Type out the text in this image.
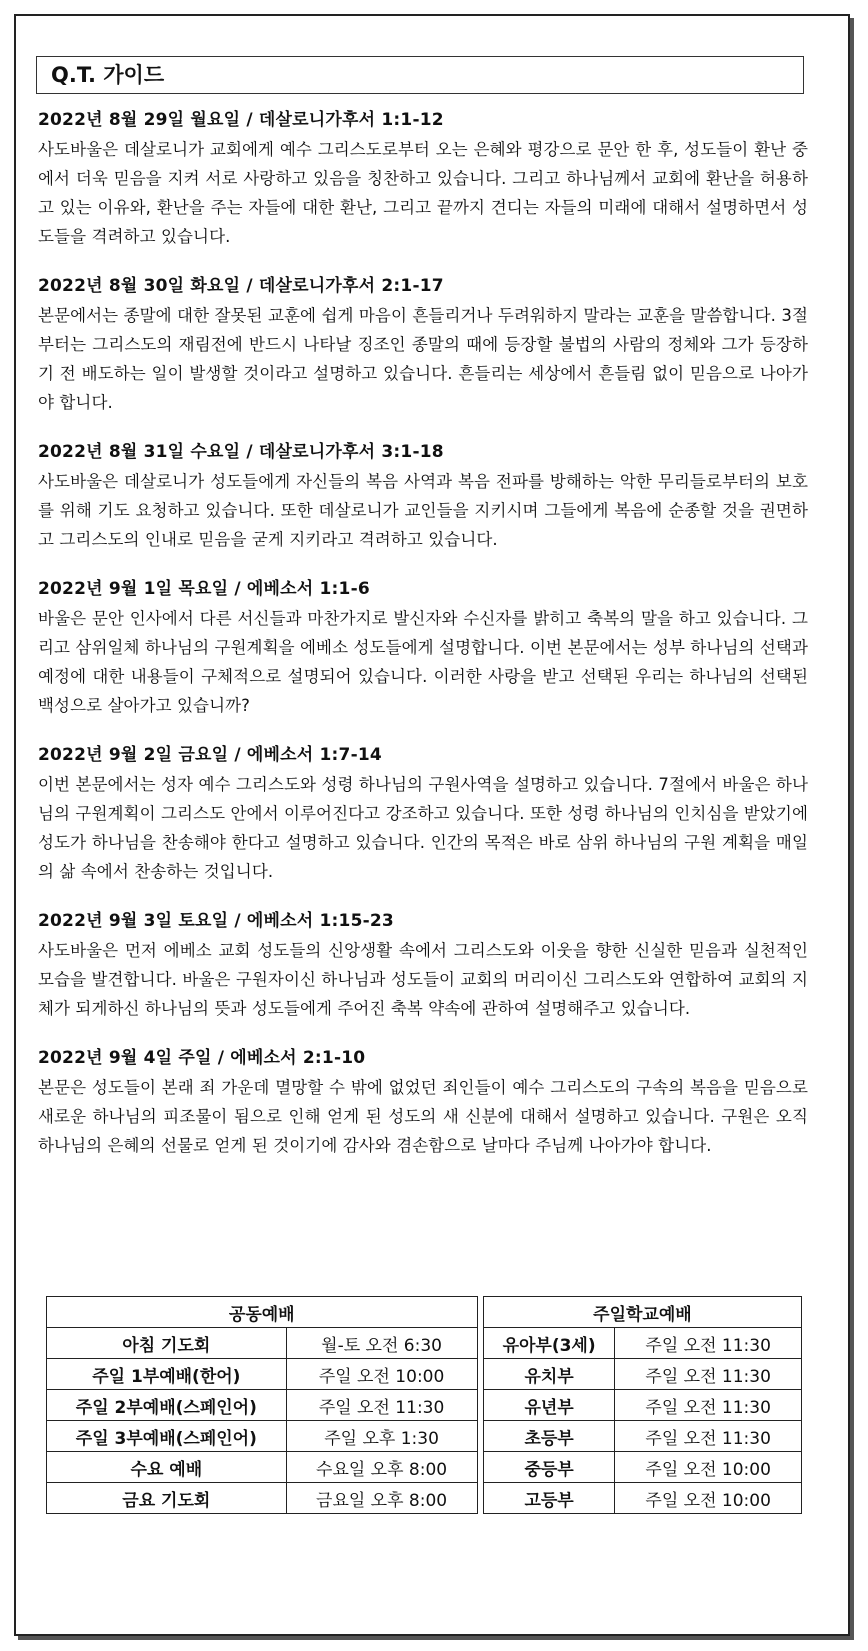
Q.T. 가이드
2022년 8월 29일 월요일 / 데살로니가후서 1:1-12
사도바울은 데살로니가 교회에게 예수 그리스도로부터 오는 은혜와 평강으로 문안 한 후, 성도들이 환난 중에서 더욱 믿음을 지켜 서로 사랑하고 있음을 칭찬하고 있습니다. 그리고 하나님께서 교회에 환난을 허용하고 있는 이유와, 환난을 주는 자들에 대한 환난, 그리고 끝까지 견디는 자들의 미래에 대해서 설명하면서 성도들을 격려하고 있습니다.
2022년 8월 30일 화요일 / 데살로니가후서 2:1-17
본문에서는 종말에 대한 잘못된 교훈에 쉽게 마음이 흔들리거나 두려워하지 말라는 교훈을 말씀합니다. 3절부터는 그리스도의 재림전에 반드시 나타날 징조인 종말의 때에 등장할 불법의 사람의 정체와 그가 등장하기 전 배도하는 일이 발생할 것이라고 설명하고 있습니다. 흔들리는 세상에서 흔들림 없이 믿음으로 나아가야 합니다.
2022년 8월 31일 수요일 / 데살로니가후서 3:1-18
사도바울은 데살로니가 성도들에게 자신들의 복음 사역과 복음 전파를 방해하는 악한 무리들로부터의 보호를 위해 기도 요청하고 있습니다. 또한 데살로니가 교인들을 지키시며 그들에게 복음에 순종할 것을 권면하고 그리스도의 인내로 믿음을 굳게 지키라고 격려하고 있습니다.
2022년 9월 1일 목요일 / 에베소서 1:1-6
바울은 문안 인사에서 다른 서신들과 마찬가지로 발신자와 수신자를 밝히고 축복의 말을 하고 있습니다. 그리고 삼위일체 하나님의 구원계획을 에베소 성도들에게 설명합니다. 이번 본문에서는 성부 하나님의 선택과 예정에 대한 내용들이 구체적으로 설명되어 있습니다. 이러한 사랑을 받고 선택된 우리는 하나님의 선택된 백성으로 살아가고 있습니까?
2022년 9월 2일 금요일 / 에베소서 1:7-14
이번 본문에서는 성자 예수 그리스도와 성령 하나님의 구원사역을 설명하고 있습니다. 7절에서 바울은 하나님의 구원계획이 그리스도 안에서 이루어진다고 강조하고 있습니다. 또한 성령 하나님의 인치심을 받았기에 성도가 하나님을 찬송해야 한다고 설명하고 있습니다. 인간의 목적은 바로 삼위 하나님의 구원 계획을 매일의 삶 속에서 찬송하는 것입니다.
2022년 9월 3일 토요일 / 에베소서 1:15-23
사도바울은 먼저 에베소 교회 성도들의 신앙생활 속에서 그리스도와 이웃을 향한 신실한 믿음과 실천적인 모습을 발견합니다. 바울은 구원자이신 하나님과 성도들이 교회의 머리이신 그리스도와 연합하여 교회의 지체가 되게하신 하나님의 뜻과 성도들에게 주어진 축복 약속에 관하여 설명해주고 있습니다.
2022년 9월 4일 주일 / 에베소서 2:1-10
본문은 성도들이 본래 죄 가운데 멸망할 수 밖에 없었던 죄인들이 예수 그리스도의 구속의 복음을 믿음으로 새로운 하나님의 피조물이 됨으로 인해 얻게 된 성도의 새 신분에 대해서 설명하고 있습니다. 구원은 오직 하나님의 은혜의 선물로 얻게 된 것이기에 감사와 겸손함으로 날마다 주님께 나아가야 합니다.
공동예배			주일학교예배	
아침 기도회	월-토 오전 6:30		유아부(3세)	주일 오전 11:30
주일 1부예배(한어)	주일 오전 10:00		유치부	주일 오전 11:30
주일 2부예배(스페인어)	주일 오전 11:30		유년부	주일 오전 11:30
주일 3부예배(스페인어)	주일 오후 1:30		초등부	주일 오전 11:30
수요 예배	수요일 오후 8:00		중등부	주일 오전 10:00
금요 기도회	금요일 오후 8:00		고등부	주일 오전 10:00
